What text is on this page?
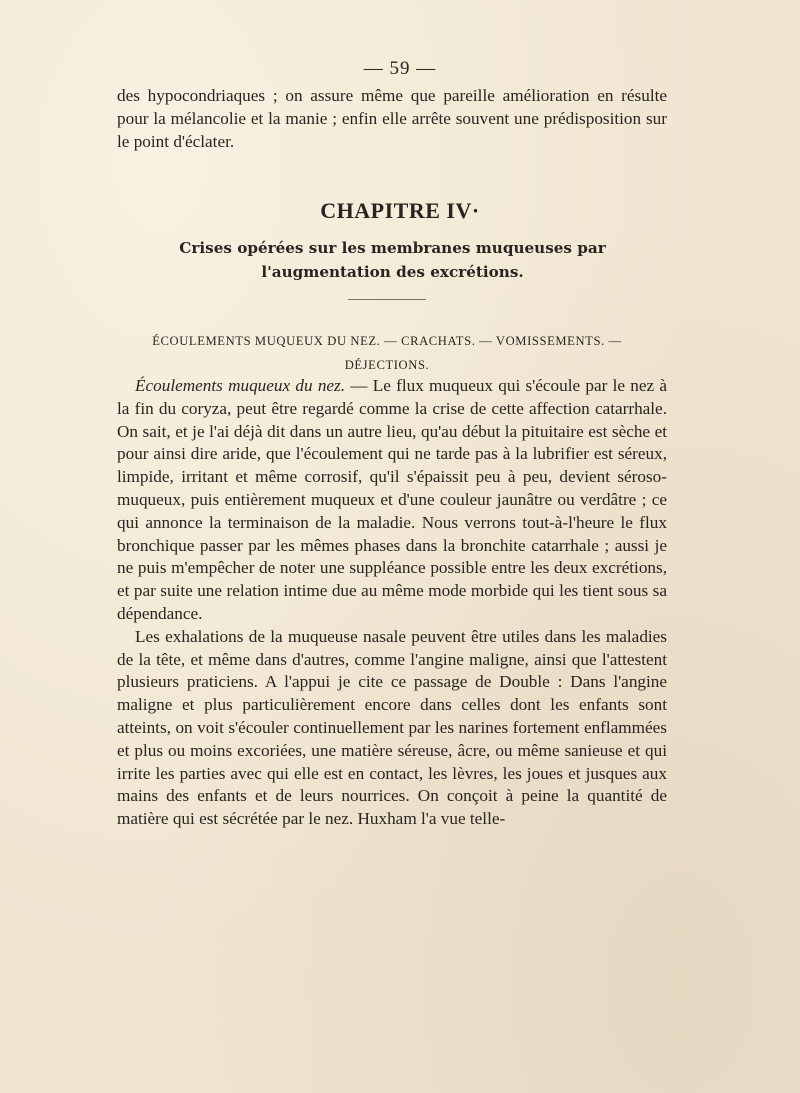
— 59 —
des hypocondriaques ; on assure même que pareille amélioration en résulte pour la mélancolie et la manie ; enfin elle arrête souvent une prédisposition sur le point d'éclater.
CHAPITRE IV·
Crises opérées sur les membranes muqueuses par l'augmentation des excrétions.
ÉCOULEMENTS MUQUEUX DU NEZ. — CRACHATS. — VOMISSEMENTS. — DÉJECTIONS.

Écoulements muqueux du nez. — Le flux muqueux qui s'écoule par le nez à la fin du coryza, peut être regardé comme la crise de cette affection catarrhale. On sait, et je l'ai déjà dit dans un autre lieu, qu'au début la pituitaire est sèche et pour ainsi dire aride, que l'écoulement qui ne tarde pas à la lubrifier est séreux, limpide, irritant et même corrosif, qu'il s'épaissit peu à peu, devient séroso-muqueux, puis entièrement muqueux et d'une couleur jaunâtre ou verdâtre ; ce qui annonce la terminaison de la maladie. Nous verrons tout-à-l'heure le flux bronchique passer par les mêmes phases dans la bronchite catarrhale ; aussi je ne puis m'empêcher de noter une suppléance possible entre les deux excrétions, et par suite une relation intime due au même mode morbide qui les tient sous sa dépendance.

Les exhalations de la muqueuse nasale peuvent être utiles dans les maladies de la tête, et même dans d'autres, comme l'angine maligne, ainsi que l'attestent plusieurs praticiens. A l'appui je cite ce passage de Double : Dans l'angine maligne et plus particulièrement encore dans celles dont les enfants sont atteints, on voit s'écouler continuellement par les narines fortement enflammées et plus ou moins excoriées, une matière séreuse, âcre, ou même sanieuse et qui irrite les parties avec qui elle est en contact, les lèvres, les joues et jusques aux mains des enfants et de leurs nourrices. On conçoit à peine la quantité de matière qui est sécrétée par le nez. Huxham l'a vue telle-
